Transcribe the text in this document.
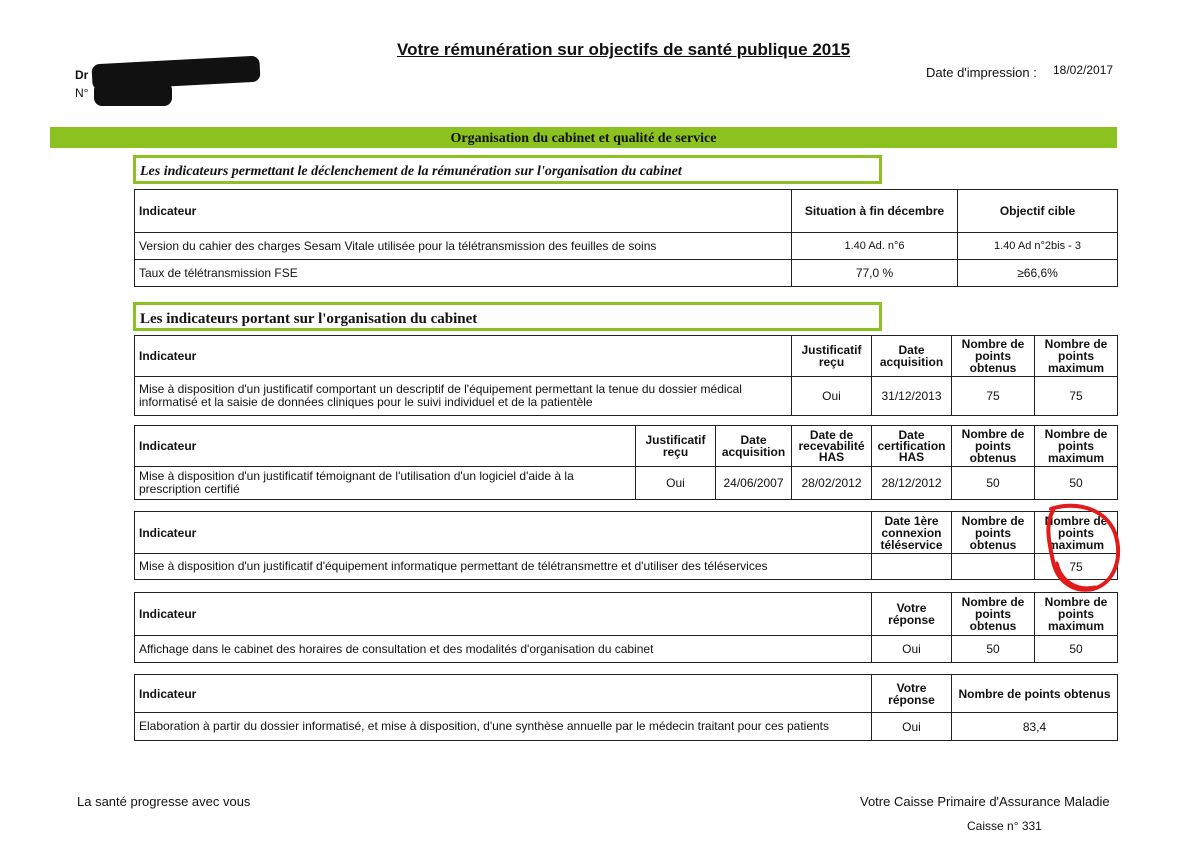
Votre rémunération sur objectifs de santé publique 2015
Dr
N°
Date d'impression : 18/02/2017
Organisation du cabinet et qualité de service
Les indicateurs permettant le déclenchement de la rémunération sur l'organisation du cabinet
Indicateur	Situation à fin décembre	Objectif cible
Version du cahier des charges Sesam Vitale utilisée pour la télétransmission des feuilles de soins	1.40 Ad. n°6	1.40 Ad n°2bis - 3
Taux de télétransmission FSE	77,0 %	≥66,6%
Les indicateurs portant sur l'organisation du cabinet
Indicateur	Justificatif reçu	Date acquisition	Nombre de points obtenus	Nombre de points maximum
Mise à disposition d'un justificatif comportant un descriptif de l'équipement permettant la tenue du dossier médical informatisé et la saisie de données cliniques pour le suivi individuel et de la patientèle	Oui	31/12/2013	75	75
Indicateur	Justificatif reçu	Date acquisition	Date de recevabilité HAS	Date certification HAS	Nombre de points obtenus	Nombre de points maximum
Mise à disposition d'un justificatif témoignant de l'utilisation d'un logiciel d'aide à la prescription certifié	Oui	24/06/2007	28/02/2012	28/12/2012	50	50
Indicateur	Date 1ère connexion téléservice	Nombre de points obtenus	Nombre de points maximum
Mise à disposition d'un justificatif d'équipement informatique permettant de télétransmettre et d'utiliser des téléservices			75
Indicateur	Votre réponse	Nombre de points obtenus	Nombre de points maximum
Affichage dans le cabinet des horaires de consultation et des modalités d'organisation du cabinet	Oui	50	50
Indicateur	Votre réponse	Nombre de points obtenus
Elaboration à partir du dossier informatisé, et mise à disposition, d'une synthèse annuelle par le médecin traitant pour ces patients	Oui	83,4
La santé progresse avec vous	Votre Caisse Primaire d'Assurance Maladie
Caisse n° 331
